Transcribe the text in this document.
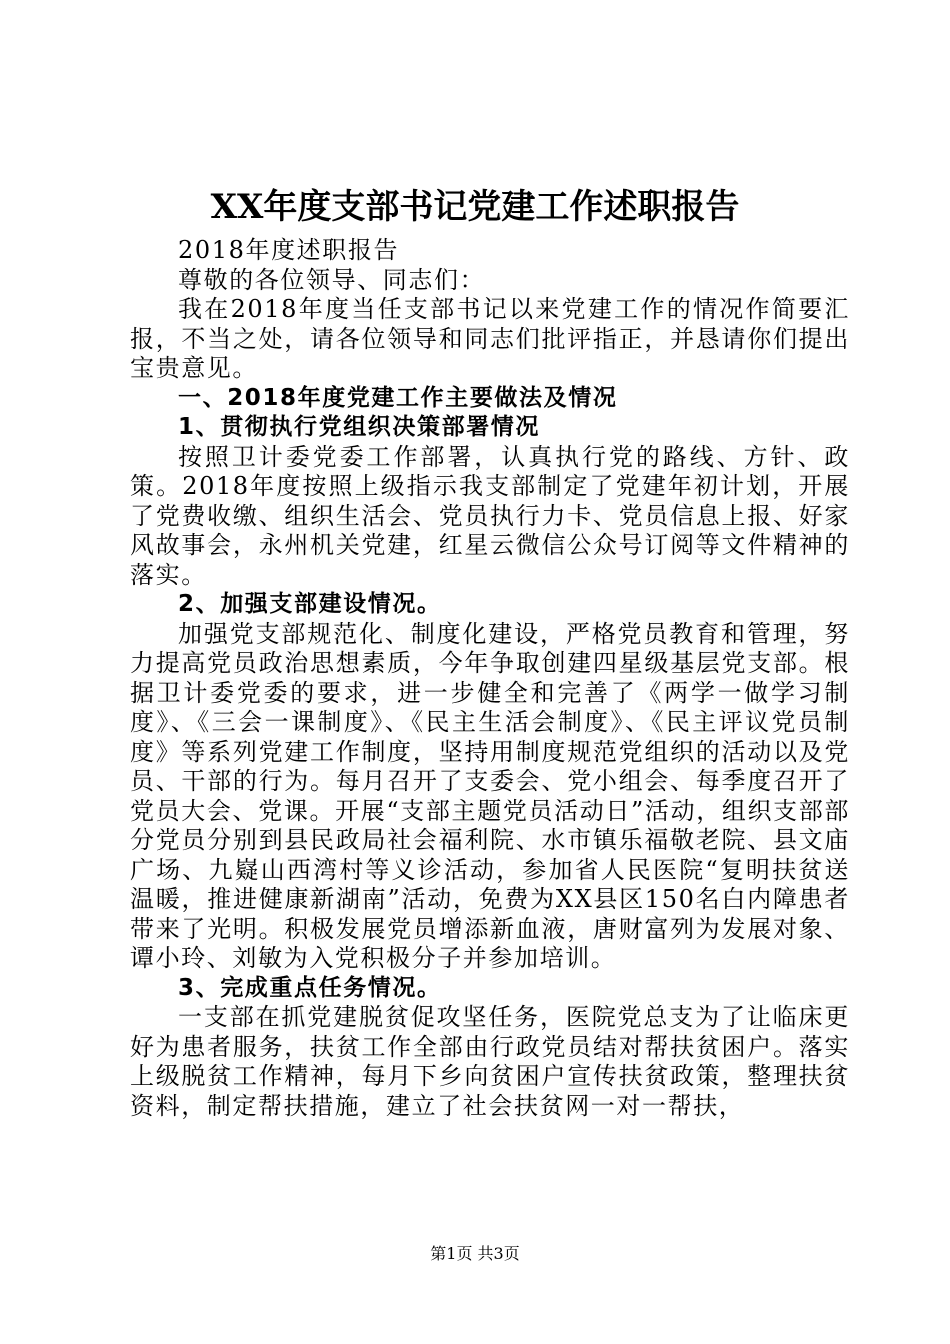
XX年度支部书记党建工作述职报告

2018年度述职报告

尊敬的各位领导、同志们：

我在2018年度当任支部书记以来党建工作的情况作简要汇报，不当之处，请各位领导和同志们批评指正，并恳请你们提出宝贵意见。

一、2018年度党建工作主要做法及情况

1、贯彻执行党组织决策部署情况

按照卫计委党委工作部署，认真执行党的路线、方针、政策。2018年度按照上级指示我支部制定了党建年初计划，开展了党费收缴、组织生活会、党员执行力卡、党员信息上报、好家风故事会，永州机关党建，红星云微信公众号订阅等文件精神的落实。

2、加强支部建设情况。

加强党支部规范化、制度化建设，严格党员教育和管理，努力提高党员政治思想素质，今年争取创建四星级基层党支部。根据卫计委党委的要求，进一步健全和完善了《两学一做学习制度》、《三会一课制度》、《民主生活会制度》、《民主评议党员制度》等系列党建工作制度，坚持用制度规范党组织的活动以及党员、干部的行为。每月召开了支委会、党小组会、每季度召开了党员大会、党课。开展“支部主题党员活动日”活动，组织支部部分党员分别到县民政局社会福利院、水市镇乐福敬老院、县文庙广场、九嶷山西湾村等义诊活动，参加省人民医院“复明扶贫送温暖，推进健康新湖南”活动，免费为XX县区150名白内障患者带来了光明。积极发展党员增添新血液，唐财富列为发展对象、谭小玲、刘敏为入党积极分子并参加培训。

3、完成重点任务情况。

一支部在抓党建脱贫促攻坚任务，医院党总支为了让临床更好为患者服务，扶贫工作全部由行政党员结对帮扶贫困户。落实上级脱贫工作精神，每月下乡向贫困户宣传扶贫政策，整理扶贫资料，制定帮扶措施，建立了社会扶贫网一对一帮扶，

第1页 共3页
